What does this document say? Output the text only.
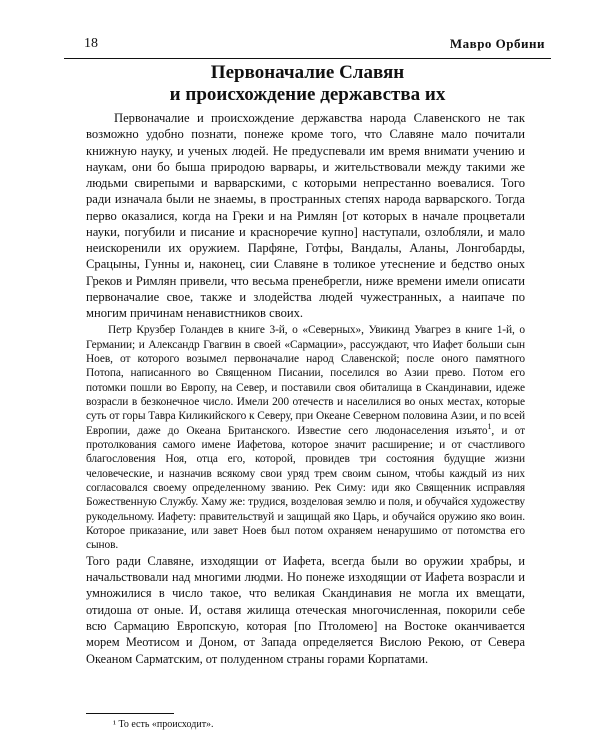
18	Мавро Орбини
Первоначалие Славян
и происхождение державства их

Первоначалие и происхождение державства народа Славенского не так возможно удобно познати, понеже кроме того, что Славяне мало почитали книжную науку, и ученых людей. Не предуспевали им время внимати учению и наукам, они бо быша природою варвары, и жительствовали между такими же людьми свирепыми и варварскими, с которыми непрестанно воевалися. Того ради изначала были не знаемы, в пространных степях народа варварского. Тогда перво оказалися, когда на Греки и на Римлян [от которых в начале процветали науки, погубили и писание и красноречие купно] наступали, озлобляли, и мало неискоренили их оружием. Парфяне, Готфы, Вандалы, Аланы, Лонгобарды, Срацыны, Гунны и, наконец, сии Славяне в толикое утеснение и бедство оных Греков и Римлян привели, что весьма пренебрегли, ниже времени имели описати первоначалие свое, также и злодейства людей чужестранных, а наипаче по многим причинам ненавистников своих.

Петр Крузбер Голандев в книге 3-й, о «Северных», Увикинд Увагрез в книге 1-й, о Германии; и Александр Гвагвин в своей «Сармации», рассуждают, что Иафет больши сын Ноев, от которого возымел первоначалие народ Славенской; после оного памятного Потопа, написанного во Священном Писании, поселился во Азии прево. Потом его потомки пошли во Европу, на Север, и поставили своя обиталища в Скандинавии, идеже возрасли в безконечное число. Имели 200 отечеств и населилися во оных местах, которые суть от горы Тавра Киликийского к Северу, при Океане Северном половина Азии, и по всей Европии, даже до Океана Британского. Известие сего людонаселения изъято$^1$, и от протолкования самого имене Иафетова, которое значит расширение; и от счастливого благословения Ноя, отца его, которой, провидев три состояния будущие жизни человеческие, и назначив всякому свои уряд трем своим сыном, чтобы каждый из них согласовался своему определенному званию. Рек Симу: иди яко Священник исправляя Божественную Службу. Хаму же: трудися, возделовая землю и поля, и обучайся художеству рукодельному. Иафету: правительствуй и защищай яко Царь, и обучайся оружию яко воин. Которое приказание, или завет Ноев был потом охраняем ненарушимо от потомства его сынов.

Того ради Славяне, изходящии от Иафета, всегда были во оружии храбры, и начальствовали над многими людми. Но понеже изходящии от Иафета возрасли и умножилися в число такое, что великая Скандинавия не могла их вмещати, отидоша от оные. И, оставя жилища отеческая многочисленная, покорили себе всю Сармацию Европскую, которая [по Птоломею] на Востоке оканчивается морем Меотисом и Доном, от Запада определяется Вислою Рекою, от Севера Океаном Сарматским, от полуденном страны горами Корпатами.

¹ То есть «происходит».
